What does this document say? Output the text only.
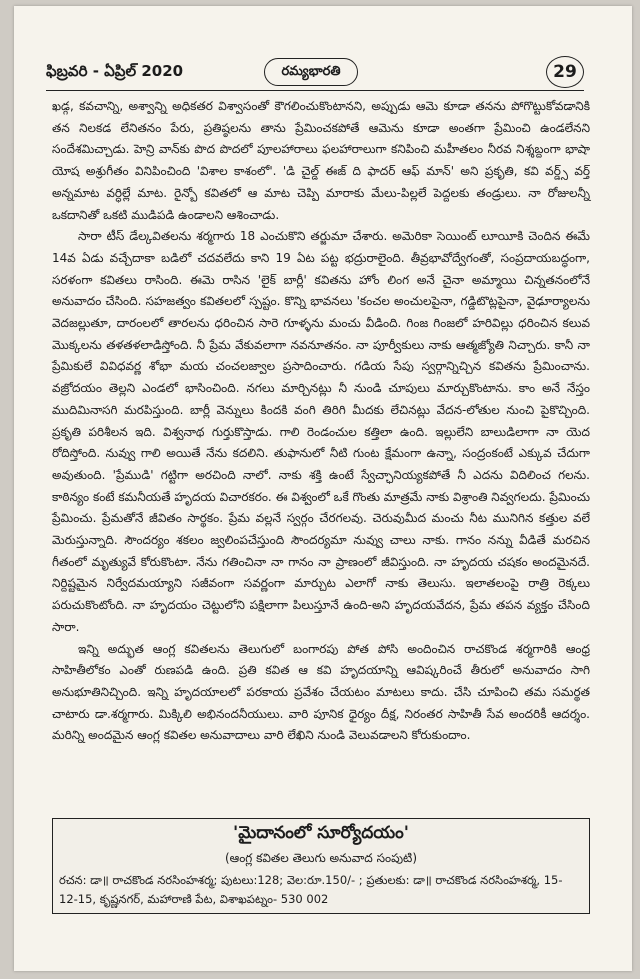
ఫిబ్రవరి - ఏప్రిల్ 2020	రమ్యభారతి	29

ఖడ్గ, కవచాన్ని, అశ్వాన్ని అధికతర విశ్వాసంతో కౌగలించుకొంటానని, అప్పుడు ఆమె కూడా తనను పోగొట్టుకోవడానికి తన నిలకడ లేనితనం పేరు, ప్రతిష్ఠలను తాను ప్రేమించకపోతే ఆమెను కూడా అంతగా ప్రేమించి ఉండలేనని సందేశమిచ్చాడు. హెన్రి వాన్‌కు పొద పొదలో పూలహారాలు ఫలహారాలుగా కనిపించి మహీతలం నీరవ నిశ్శబ్దంగా భాషా యోష అశ్రుగీతం వినిపించింది 'విశాల కాశంలో'. 'డి చైల్డ్ ఈజ్ ది ఫాదర్ ఆఫ్ మాన్' అని ప్రకృతి, కవి వర్డ్స్ వర్త్ అన్నమాట వర్ధిల్లే మాట. రైన్బో కవితలో ఆ మాట చెప్పి మారాకు మేలు-పిల్లలే పెద్దలకు తండ్రులు. నా రోజులన్నీ ఒకదానితో ఒకటి ముడిపడి ఉండాలని ఆశించాడు.

సారా టీస్ డేల్కవితలను శర్మగారు 18 ఎంచుకొని తర్జుమా చేశారు. అమెరికా సెయింట్ లూయీకి చెందిన ఈమే 14వ ఏడు వచ్చేదాకా బడిలో చదవలేదు కాని 19 ఏట పట్ట భద్రురాలైంది. తీవ్రభావోద్వేగంతో, సంప్రదాయబద్ధంగా, సరళంగా కవితలు రాసింది. ఈమె రాసిన 'లైక్ బార్లీ' కవితను హోం లింగ అనే చైనా అమ్మాయి చిన్నతనంలోనే అనువాదం చేసింది. సహజత్వం కవితలలో స్పష్టం. కొన్ని భావనలు 'కంచల అంచులపైనా, గడ్డిటొట్లపైనా, వైఢూర్యాలను వెదజల్లుతూ, దారంలలో తారలను ధరించిన సారె గూళ్ళను మంచు వీడింది. గింజ గింజలో హరివిల్లు ధరించిన కలువ మొక్కలను తళతళలాడిస్తోంది. నీ ప్రేమ వేకువలాగా నవనూతనం. నా పూర్వీకులు నాకు ఆత్మజ్యోతి నిచ్చారు. కానీ నా ప్రేమికులే వివిధవర్ణ శోభా మయ చంచలజ్వాల ప్రసాదించారు. గడియ సేపు స్వర్గాన్నిచ్చిన కవితను ప్రేమించాను. వజ్రోదయం తెల్లని ఎండలో భాసించింది. నగలు మార్చినట్లు నీ నుండి చూపులు మార్చుకొంటాను. కాం అనే నేస్తం ముదిమినాసగి మరపిస్తుంది. బార్లీ వెన్నులు కిందకి వంగి తిరిగి మీదకు లేచినట్లు వేదన-లోతుల నుంచి పైకొచ్చింది. ప్రకృతి పరిశీలన ఇది. విశ్వనాథ గుర్తుకొస్తాడు. గాలి రెండంచుల కత్తిలా ఉంది. ఇల్లులేని బాలుడిలాగా నా యెద రోదిస్తోంది. నువ్వు గాలి అయితే నేను కదలిని. తుఫానులో నీటి గుంట క్షేమంగా ఉన్నా, సంద్రంకంటే ఎక్కువ చేదుగా అవుతుంది. 'ప్రేముడి' గట్టిగా అరచింది నాలో. నాకు శక్తి ఉంటే స్వేచ్ఛానియ్యకపోతే నీ ఎదను విదిలించ గలను. కాఠిన్యం కంటే కమనీయతే హృదయ విచారకరం. ఈ విశ్వంలో ఒకే గొంతు మాత్రమే నాకు విశ్రాంతి నివ్వగలదు. ప్రేమించు ప్రేమించు. ప్రేమతోనే జీవితం సార్థకం. ప్రేమ వల్లనే స్వర్గం చేరగలవు. చెరువుమీద మంచు నీట మునిగిన కత్తుల వలే మెరుస్తున్నాది. సౌందర్యం శకలం జ్వలింపచేస్తుంది సౌందర్యమా నువ్వు చాలు నాకు. గానం నన్ను వీడితే మరచిన గీతంలో మృత్యువే కోరుకొంటా. నేను గతించినా నా గానం నా ప్రాణంలో జీవిస్తుంది. నా హృదయ చషకం అందమైనదే. నిర్దిష్టమైన నిర్వేదమయ్యాని సజీవంగా సవర్ణంగా మార్చుట ఎలాగో నాకు తెలుసు. ఇలాతలంపై రాత్రి రెక్కలు పరుచుకొంటోంది. నా హృదయం చెట్టులోని పక్షిలాగా పిలుస్తూనే ఉంది-అని హృదయవేదన, ప్రేమ తపన వ్యక్తం చేసింది సారా.

ఇన్ని అద్భుత ఆంగ్ల కవితలను తెలుగులో బంగారపు పోత పోసి అందించిన రాచకొండ శర్మగారికి ఆంధ్ర సాహితీలోకం ఎంతో రుణపడి ఉంది. ప్రతి కవిత ఆ కవి హృదయాన్ని ఆవిష్కరించే తీరులో అనువాదం సాగి అనుభూతినిచ్చింది. ఇన్ని హృదయాలలో పరకాయ ప్రవేశం చేయటం మాటలు కాదు. చేసి చూపించి తమ సమర్థత చాటారు డా.శర్మగారు. మిక్కిలి అభినందనీయులు. వారి పూనిక ధైర్యం దీక్ష, నిరంతర సాహితీ సేవ అందరికీ ఆదర్శం. మరిన్ని అందమైన ఆంగ్ల కవితల అనువాదాలు వారి లేఖిని నుండి వెలువడాలని కోరుకుందాం.

'మైదానంలో సూర్యోదయం'
(ఆంగ్ల కవితల తెలుగు అనువాద సంపుటి)
రచన: డా॥ రాచకొండ నరసింహశర్మ; పుటలు:128; వెల:రూ.150/- ; ప్రతులకు: డా॥ రాచకొండ నరసింహశర్మ, 15-12-15, కృష్ణనగర్, మహారాణి పేట, విశాఖపట్నం- 530 002
